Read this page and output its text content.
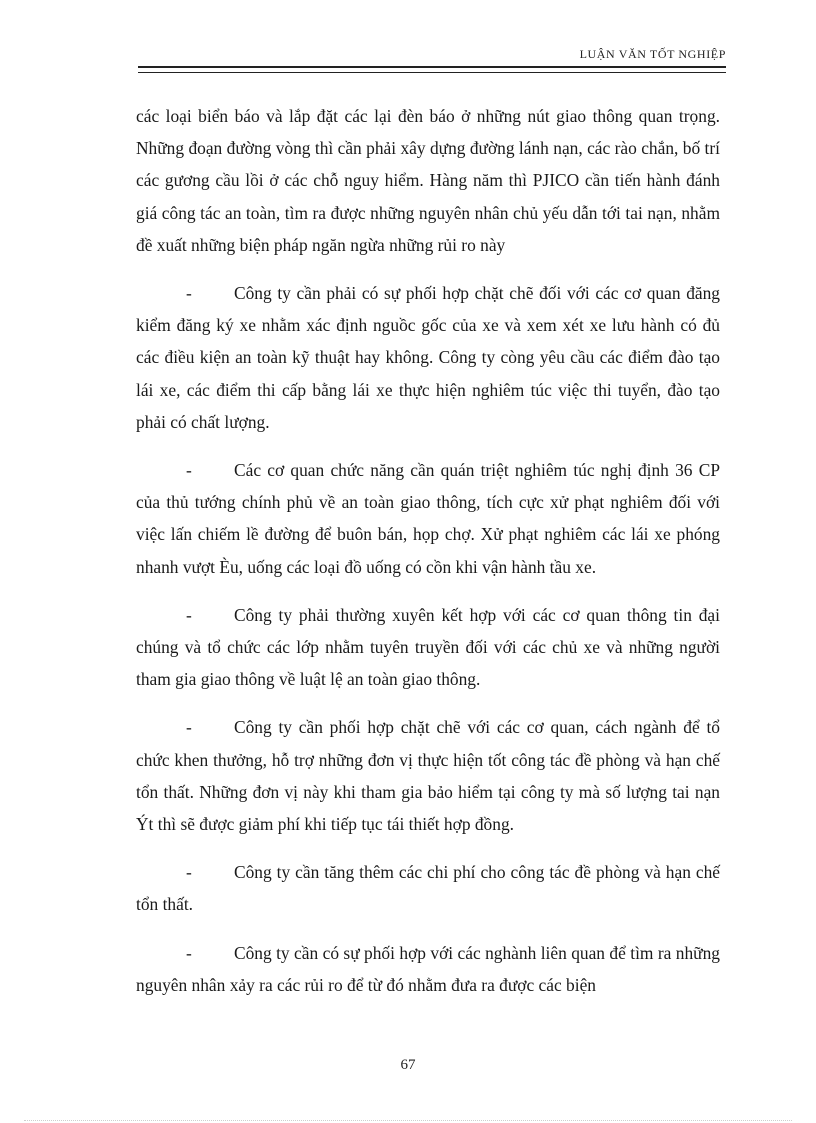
LUẬN VĂN TỐT NGHIỆP

các loại biển báo và lắp đặt các lại đèn báo ở những nút giao thông quan trọng. Những đoạn đường vòng thì cần phải xây dựng đường lánh nạn, các rào chắn, bố trí các gương cầu lồi ở các chỗ nguy hiểm. Hàng năm thì PJICO cần tiến hành đánh giá công tác an toàn, tìm ra được những nguyên nhân chủ yếu dẫn tới tai nạn, nhằm đề xuất những biện pháp ngăn ngừa những rủi ro này

- Công ty cần phải có sự phối hợp chặt chẽ đối với các cơ quan đăng kiểm đăng ký xe nhằm xác định nguồc gốc của xe và xem xét xe lưu hành có đủ các điều kiện an toàn kỹ thuật hay không. Công ty còng yêu cầu các điểm đào tạo lái xe, các điểm thi cấp bằng lái xe thực hiện nghiêm túc việc thi tuyển, đào tạo phải có chất lượng.

- Các cơ quan chức năng cần quán triệt nghiêm túc nghị định 36 CP của thủ tướng chính phủ về an toàn giao thông, tích cực xử phạt nghiêm đối với việc lấn chiếm lề đường để buôn bán, họp chợ. Xử phạt nghiêm các lái xe phóng nhanh vượt Èu, uống các loại đồ uống có cồn khi vận hành tầu xe.

- Công ty phải thường xuyên kết hợp với các cơ quan thông tin đại chúng và tổ chức các lớp nhằm tuyên truyền đối với các chủ xe và những người tham gia giao thông về luật lệ an toàn giao thông.

- Công ty cần phối hợp chặt chẽ với các cơ quan, cách ngành để tổ chức khen thưởng, hỗ trợ những đơn vị thực hiện tốt công tác đề phòng và hạn chế tổn thất. Những đơn vị này khi tham gia bảo hiểm tại công ty mà số lượng tai nạn Ýt thì sẽ được giảm phí khi tiếp tục tái thiết hợp đồng.

- Công ty cần tăng thêm các chi phí cho công tác đề phòng và hạn chế tổn thất.

- Công ty cần có sự phối hợp với các nghành liên quan để tìm ra những nguyên nhân xảy ra các rủi ro để từ đó nhằm đưa ra được các biện

67
